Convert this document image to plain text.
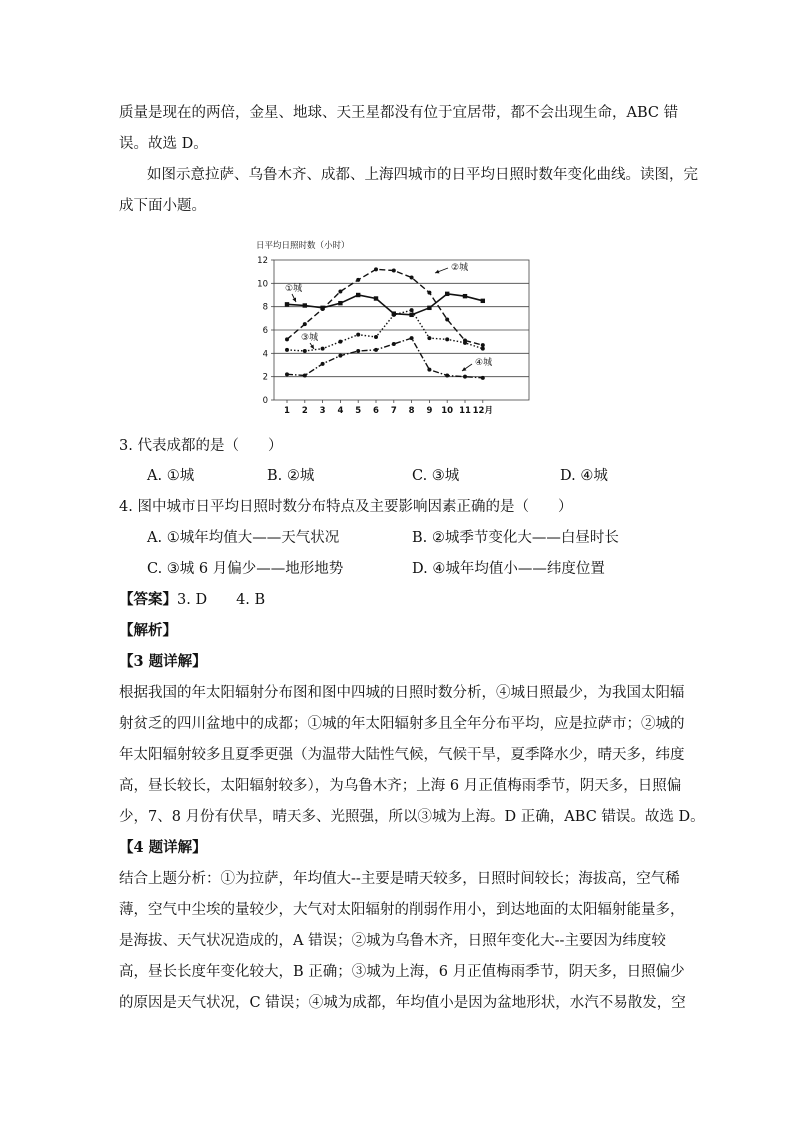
质量是现在的两倍，金星、地球、天王星都没有位于宜居带，都不会出现生命，ABC 错
误。故选 D。
如图示意拉萨、乌鲁木齐、成都、上海四城市的日平均日照时数年变化曲线。读图，完
成下面小题。
日平均日照时数（小时）
0
2
4
6
8
10
12
1 2 3 4 5 6 7 8 9 10 11 12月
①城
②城
③城
④城
3. 代表成都的是（　　）
A. ①城	B. ②城	C. ③城	D. ④城
4. 图中城市日平均日照时数分布特点及主要影响因素正确的是（　　）
A. ①城年均值大——天气状况	B. ②城季节变化大——白昼时长
C. ③城 6 月偏少——地形地势	D. ④城年均值小——纬度位置
【答案】3. D　　4. B
【解析】
【3 题详解】
根据我国的年太阳辐射分布图和图中四城的日照时数分析，④城日照最少，为我国太阳辐
射贫乏的四川盆地中的成都；①城的年太阳辐射多且全年分布平均，应是拉萨市；②城的
年太阳辐射较多且夏季更强（为温带大陆性气候，气候干旱，夏季降水少，晴天多，纬度
高，昼长较长，太阳辐射较多），为乌鲁木齐；上海 6 月正值梅雨季节，阴天多，日照偏
少，7、8 月份有伏旱，晴天多、光照强，所以③城为上海。D 正确，ABC 错误。故选 D。
【4 题详解】
结合上题分析：①为拉萨，年均值大--主要是晴天较多，日照时间较长；海拔高，空气稀
薄，空气中尘埃的量较少，大气对太阳辐射的削弱作用小，到达地面的太阳辐射能量多，
是海拔、天气状况造成的，A 错误；②城为乌鲁木齐，日照年变化大--主要因为纬度较
高，昼长长度年变化较大，B 正确；③城为上海，6 月正值梅雨季节，阴天多，日照偏少
的原因是天气状况，C 错误；④城为成都，年均值小是因为盆地形状，水汽不易散发，空
